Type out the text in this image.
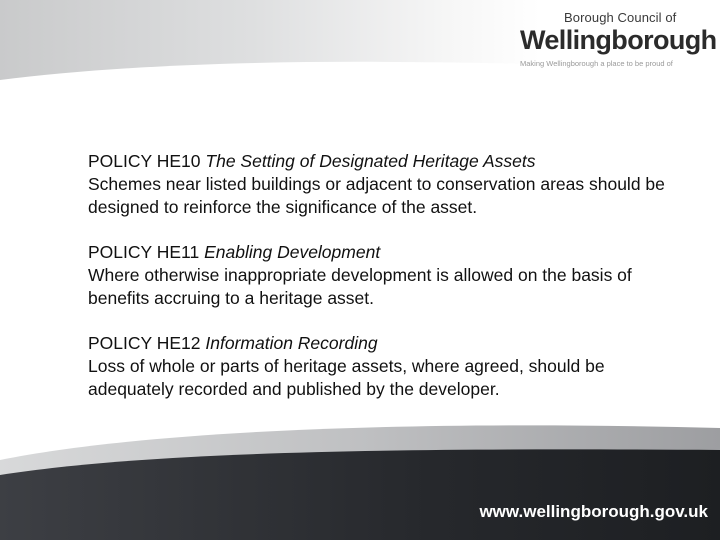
Borough Council of
Wellingborough
Making Wellingborough a place to be proud of
POLICY HE10 The Setting of Designated Heritage Assets
Schemes near listed buildings or adjacent to conservation areas should be designed to reinforce the significance of the asset.
POLICY HE11 Enabling Development
Where otherwise inappropriate development is allowed on the basis of benefits accruing to a heritage asset.
POLICY HE12 Information Recording
Loss of whole or parts of heritage assets, where agreed, should be adequately recorded and published by the developer.
www.wellingborough.gov.uk
